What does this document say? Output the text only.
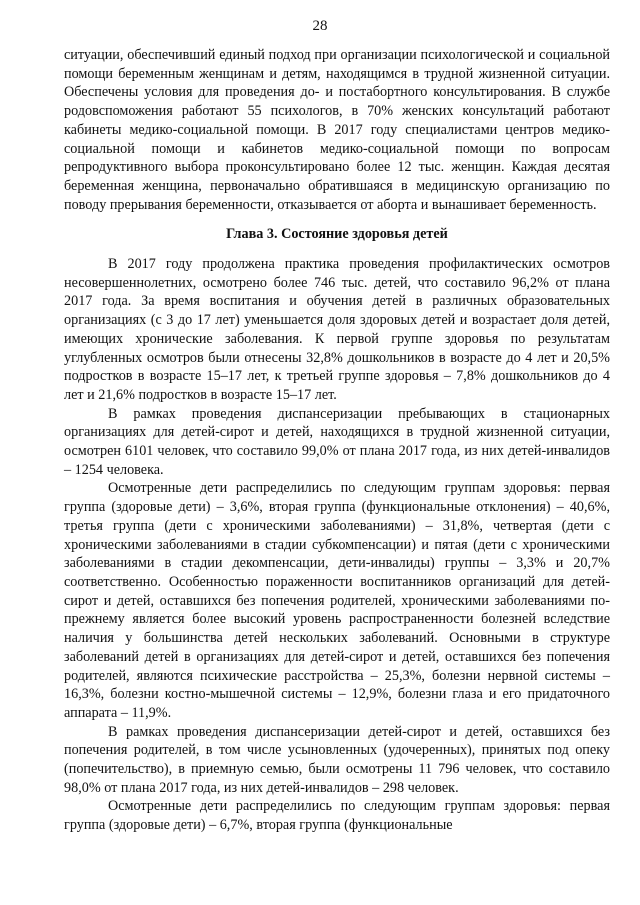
28

ситуации, обеспечивший единый подход при организации психологической и социальной помощи беременным женщинам и детям, находящимся в трудной жизненной ситуации. Обеспечены условия для проведения до- и постабортного консультирования. В службе родовспоможения работают 55 психологов, в 70% женских консультаций работают кабинеты медико-социальной помощи. В 2017 году специалистами центров медико-социальной помощи и кабинетов медико-социальной помощи по вопросам репродуктивного выбора проконсультировано более 12 тыс. женщин. Каждая десятая беременная женщина, первоначально обратившаяся в медицинскую организацию по поводу прерывания беременности, отказывается от аборта и вынашивает беременность.

Глава 3. Состояние здоровья детей

В 2017 году продолжена практика проведения профилактических осмотров несовершеннолетних, осмотрено более 746 тыс. детей, что составило 96,2% от плана 2017 года. За время воспитания и обучения детей в различных образовательных организациях (с 3 до 17 лет) уменьшается доля здоровых детей и возрастает доля детей, имеющих хронические заболевания. К первой группе здоровья по результатам углубленных осмотров были отнесены 32,8% дошкольников в возрасте до 4 лет и 20,5% подростков в возрасте 15–17 лет, к третьей группе здоровья – 7,8% дошкольников до 4 лет и 21,6% подростков в возрасте 15–17 лет.

В рамках проведения диспансеризации пребывающих в стационарных организациях для детей-сирот и детей, находящихся в трудной жизненной ситуации, осмотрен 6101 человек, что составило 99,0% от плана 2017 года, из них детей-инвалидов – 1254 человека.

Осмотренные дети распределились по следующим группам здоровья: первая группа (здоровые дети) – 3,6%, вторая группа (функциональные отклонения) – 40,6%, третья группа (дети с хроническими заболеваниями) – 31,8%, четвертая (дети с хроническими заболеваниями в стадии субкомпенсации) и пятая (дети с хроническими заболеваниями в стадии декомпенсации, дети-инвалиды) группы – 3,3% и 20,7% соответственно. Особенностью пораженности воспитанников организаций для детей-сирот и детей, оставшихся без попечения родителей, хроническими заболеваниями по-прежнему является более высокий уровень распространенности болезней вследствие наличия у большинства детей нескольких заболеваний. Основными в структуре заболеваний детей в организациях для детей-сирот и детей, оставшихся без попечения родителей, являются психические расстройства – 25,3%, болезни нервной системы – 16,3%, болезни костно-мышечной системы – 12,9%, болезни глаза и его придаточного аппарата – 11,9%.

В рамках проведения диспансеризации детей-сирот и детей, оставшихся без попечения родителей, в том числе усыновленных (удочеренных), принятых под опеку (попечительство), в приемную семью, были осмотрены 11 796 человек, что составило 98,0% от плана 2017 года, из них детей-инвалидов – 298 человек.

Осмотренные дети распределились по следующим группам здоровья: первая группа (здоровые дети) – 6,7%, вторая группа (функциональные
